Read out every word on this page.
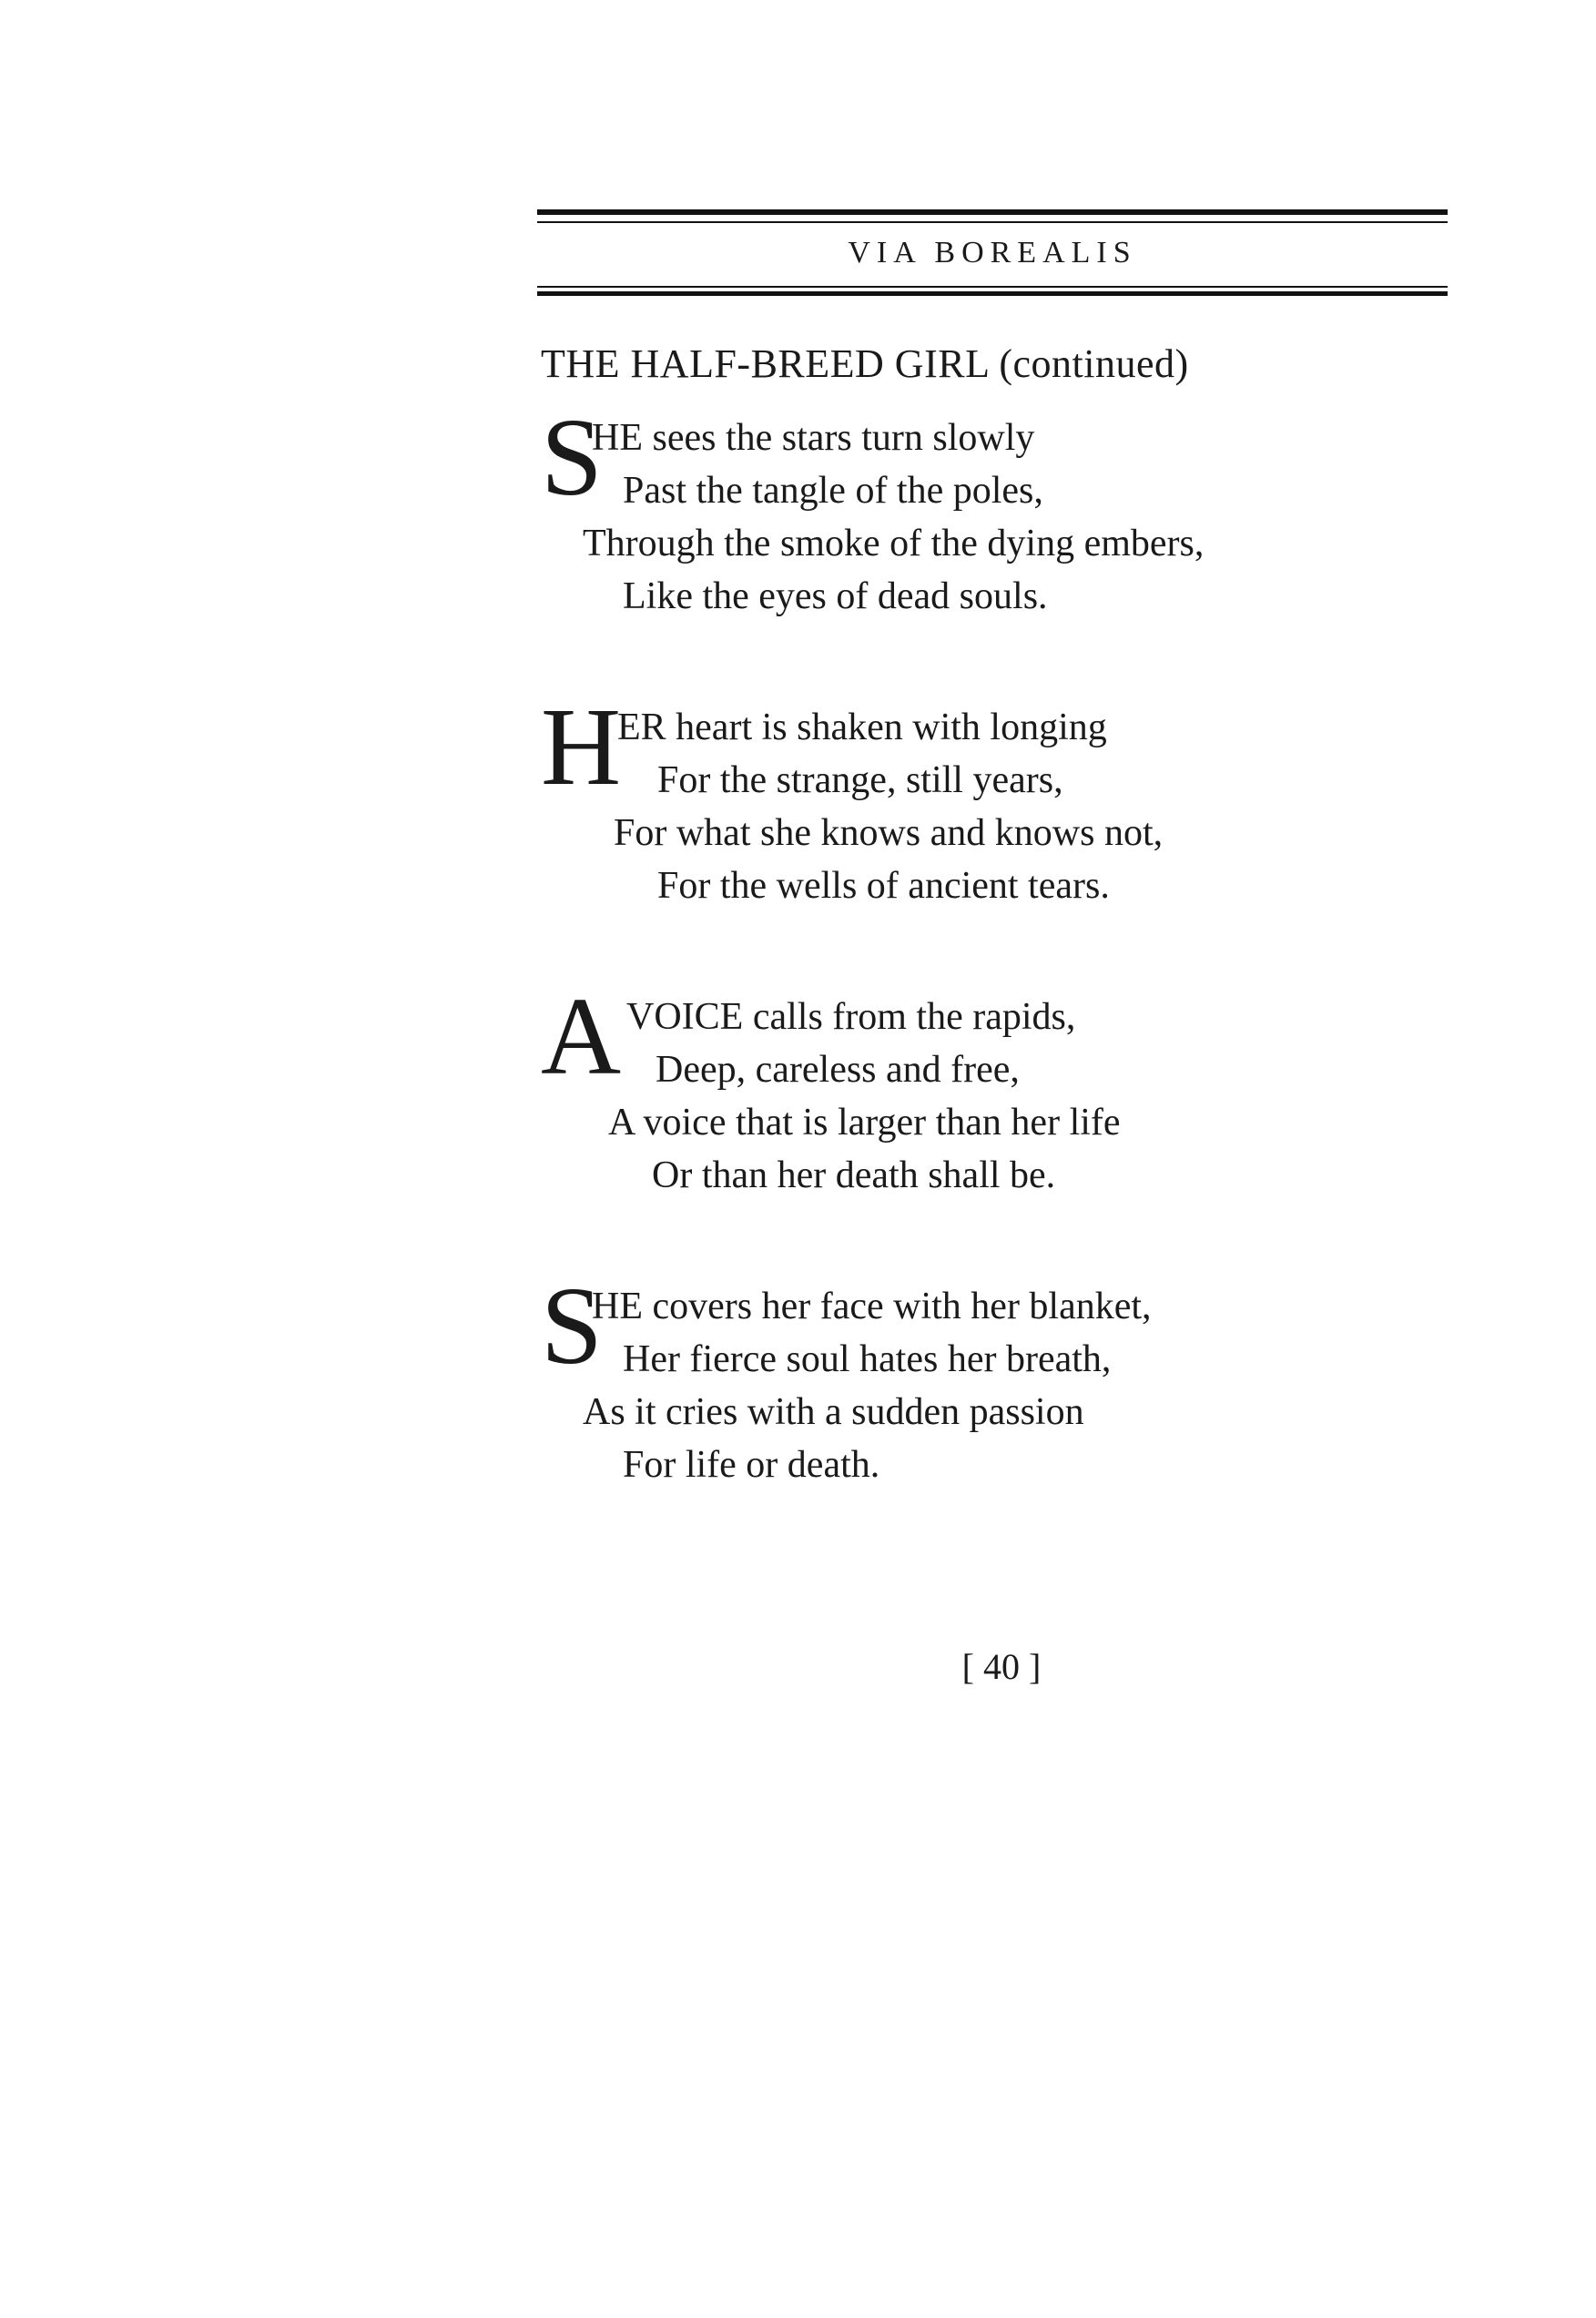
VIA BOREALIS
THE HALF-BREED GIRL (continued)
S
HE sees the stars turn slowly
Past the tangle of the poles,
Through the smoke of the dying embers,
Like the eyes of dead souls.
H
ER heart is shaken with longing
For the strange, still years,
For what she knows and knows not,
For the wells of ancient tears.
A VOICE calls from the rapids,
Deep, careless and free,
A voice that is larger than her life
Or than her death shall be.
S
HE covers her face with her blanket,
Her fierce soul hates her breath,
As it cries with a sudden passion
For life or death.
[ 40 ]
